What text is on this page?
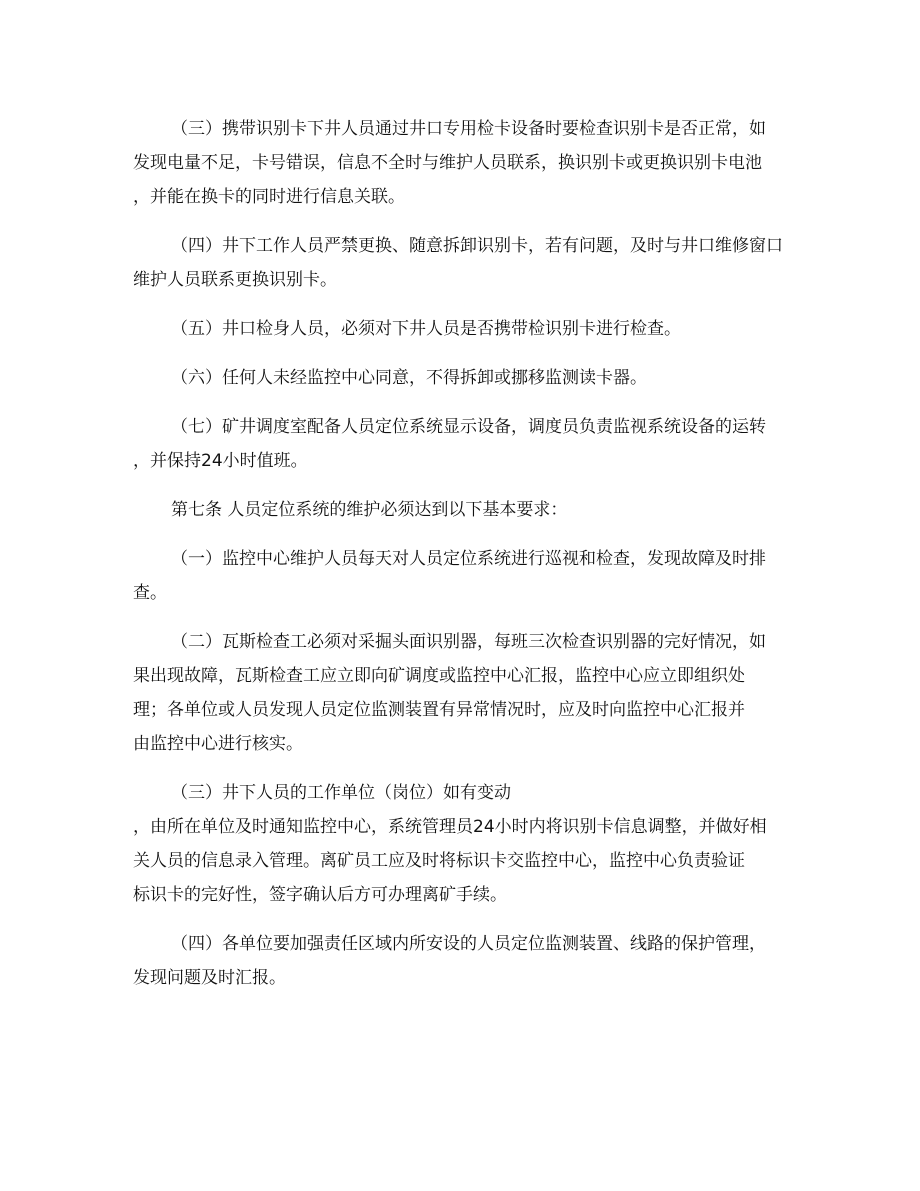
（三）携带识别卡下井人员通过井口专用检卡设备时要检查识别卡是否正常，如
发现电量不足，卡号错误，信息不全时与维护人员联系，换识别卡或更换识别卡电池
，并能在换卡的同时进行信息关联。

（四）井下工作人员严禁更换、随意拆卸识别卡，若有问题，及时与井口维修窗口
维护人员联系更换识别卡。

（五）井口检身人员，必须对下井人员是否携带检识别卡进行检查。

（六）任何人未经监控中心同意，不得拆卸或挪移监测读卡器。

（七）矿井调度室配备人员定位系统显示设备，调度员负责监视系统设备的运转
，并保持24小时值班。

第七条 人员定位系统的维护必须达到以下基本要求：

（一）监控中心维护人员每天对人员定位系统进行巡视和检查，发现故障及时排
查。

（二）瓦斯检查工必须对采掘头面识别器，每班三次检查识别器的完好情况，如
果出现故障，瓦斯检查工应立即向矿调度或监控中心汇报，监控中心应立即组织处
理；各单位或人员发现人员定位监测装置有异常情况时，应及时向监控中心汇报并
由监控中心进行核实。

（三）井下人员的工作单位（岗位）如有变动
，由所在单位及时通知监控中心，系统管理员24小时内将识别卡信息调整，并做好相
关人员的信息录入管理。离矿员工应及时将标识卡交监控中心，监控中心负责验证
标识卡的完好性，签字确认后方可办理离矿手续。

（四）各单位要加强责任区域内所安设的人员定位监测装置、线路的保护管理，
发现问题及时汇报。
